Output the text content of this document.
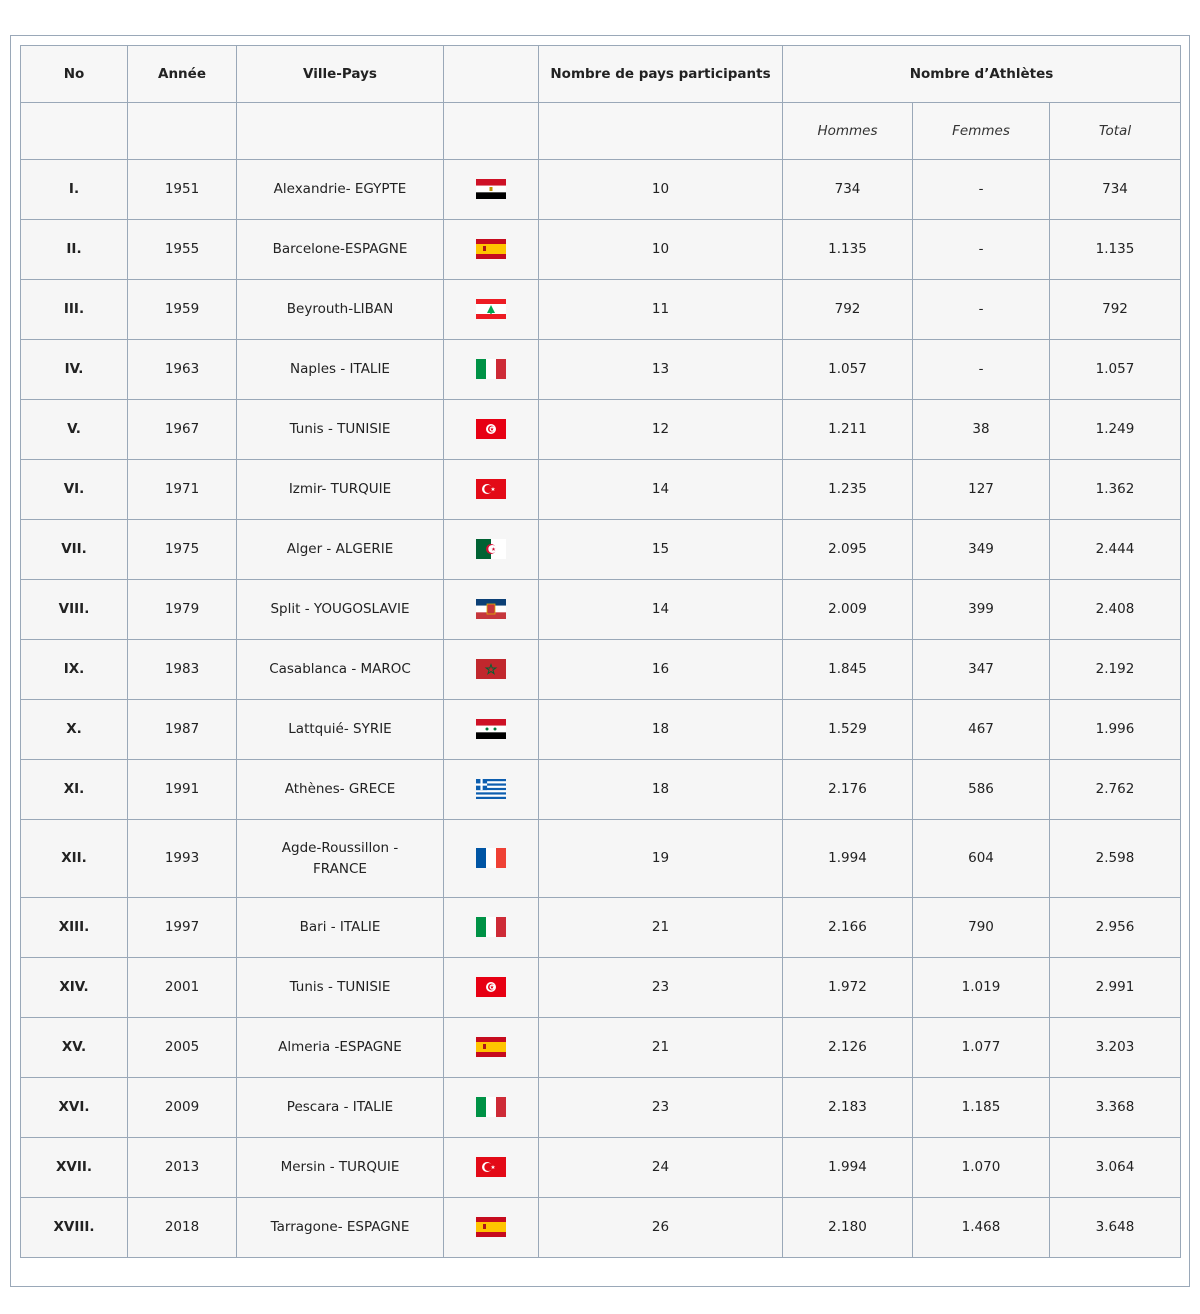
No	Année	Ville-Pays		Nombre de pays participants	Nombre d’Athlètes		
					Hommes	Femmes	Total
I.	1951	Alexandrie- EGYPTE		10	734	-	734
II.	1955	Barcelone-ESPAGNE		10	1.135	-	1.135
III.	1959	Beyrouth-LIBAN		11	792	-	792
IV.	1963	Naples - ITALIE		13	1.057	-	1.057
V.	1967	Tunis - TUNISIE		12	1.211	38	1.249
VI.	1971	Izmir- TURQUIE		14	1.235	127	1.362
VII.	1975	Alger - ALGERIE		15	2.095	349	2.444
VIII.	1979	Split - YOUGOSLAVIE		14	2.009	399	2.408
IX.	1983	Casablanca - MAROC		16	1.845	347	2.192
X.	1987	Lattquié- SYRIE		18	1.529	467	1.996
XI.	1991	Athènes- GRECE		18	2.176	586	2.762
XII.	1993	Agde-Roussillon - FRANCE		19	1.994	604	2.598
XIII.	1997	Bari - ITALIE		21	2.166	790	2.956
XIV.	2001	Tunis - TUNISIE		23	1.972	1.019	2.991
XV.	2005	Almeria -ESPAGNE		21	2.126	1.077	3.203
XVI.	2009	Pescara - ITALIE		23	2.183	1.185	3.368
XVII.	2013	Mersin - TURQUIE		24	1.994	1.070	3.064
XVIII.	2018	Tarragone- ESPAGNE		26	2.180	1.468	3.648
